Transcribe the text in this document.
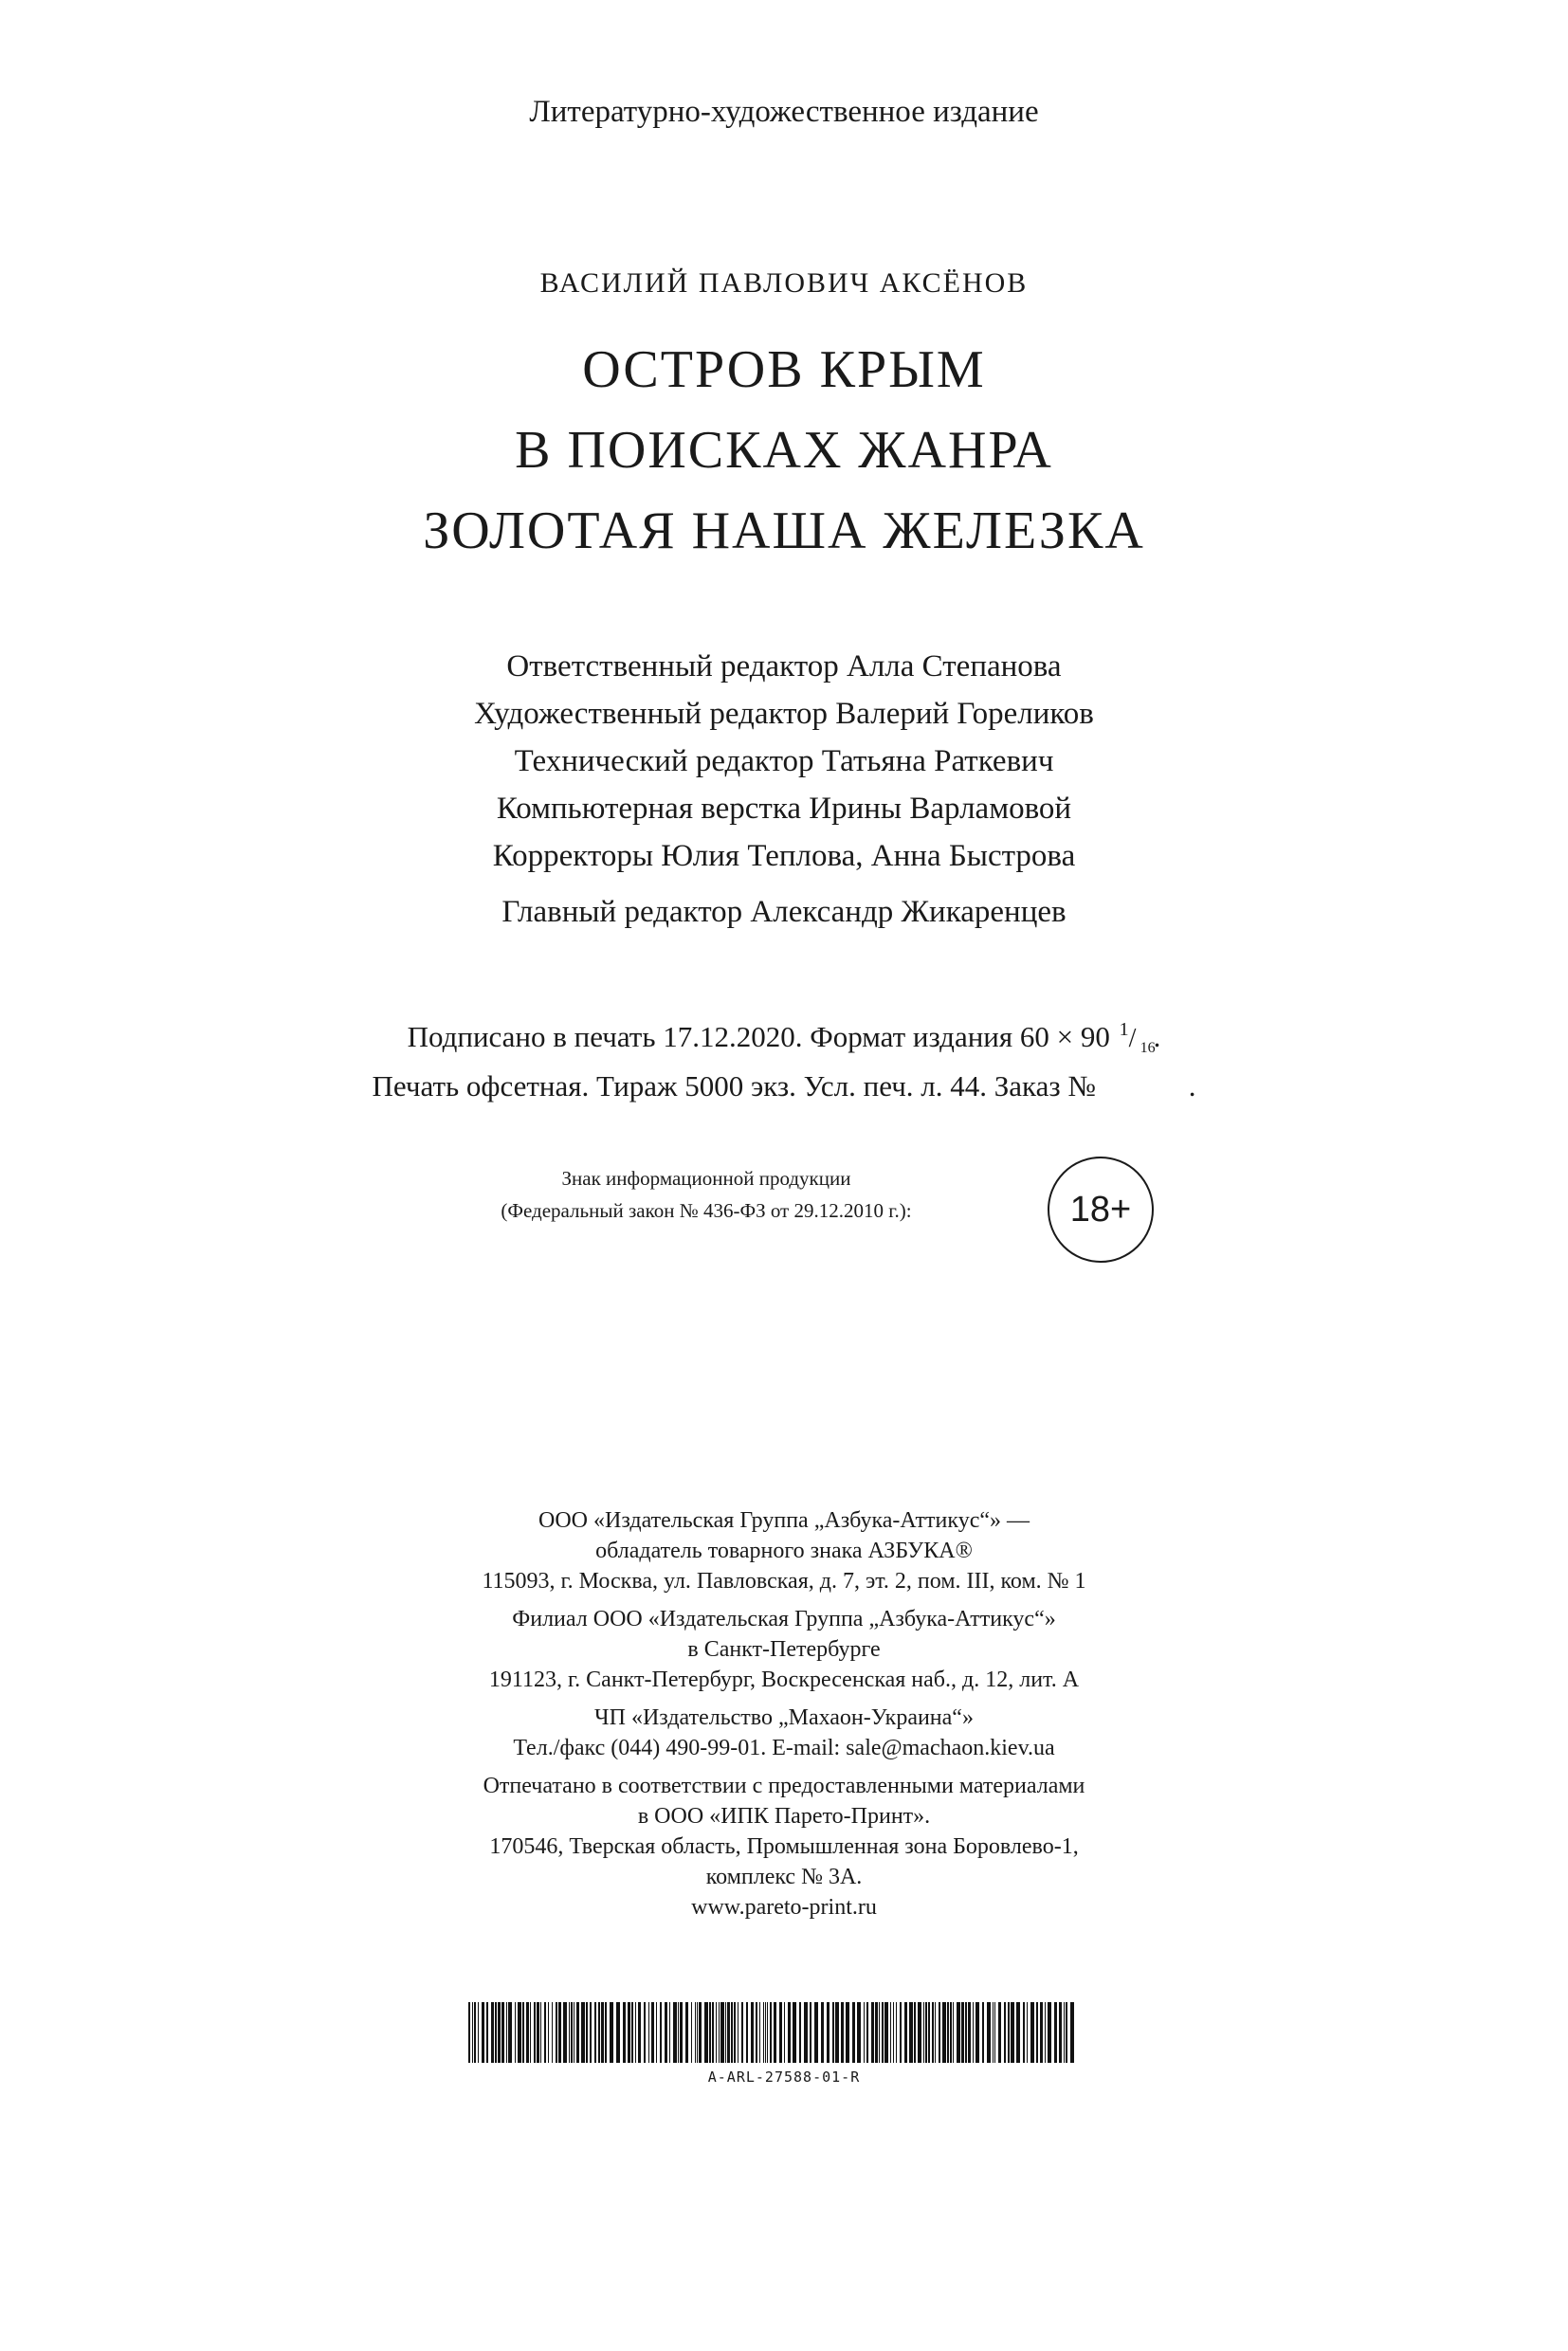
Литературно-художественное издание

ВАСИЛИЙ ПАВЛОВИЧ АКСЁНОВ

ОСТРОВ КРЫМ
В ПОИСКАХ ЖАНРА
ЗОЛОТАЯ НАША ЖЕЛЕЗКА
Ответственный редактор Алла Степанова
Художественный редактор Валерий Гореликов
Технический редактор Татьяна Раткевич
Компьютерная верстка Ирины Варламовой
Корректоры Юлия Теплова, Анна Быстрова

Главный редактор Александр Жикаренцев

Подписано в печать 17.12.2020. Формат издания 60 × 90 1 / 16
.
Печать офсетная. Тираж 5000 экз. Усл. печ. л. 44. Заказ №	.
Знак информационной продукции
(Федеральный закон № 436-ФЗ от 29.12.2010 г.):	18+
ООО «Издательская Группа „Азбука-Аттикус“» —
обладатель товарного знака АЗБУКА®
115093, г. Москва, ул. Павловская, д. 7, эт. 2, пом. III, ком. № 1
Филиал ООО «Издательская Группа „Азбука-Аттикус“»
в Санкт-Петербурге
191123, г. Санкт-Петербург, Воскресенская наб., д. 12, лит. А
ЧП «Издательство „Махаон-Украина“»
Тел./факс (044) 490-99-01. E-mail: sale@machaon.kiev.ua
Отпечатано в соответствии с предоставленными материалами
в ООО «ИПК Парето-Принт».
170546, Тверская область, Промышленная зона Боровлево-1,
комплекс № 3А.
www.pareto-print.ru

A-ARL-27588-01-R
